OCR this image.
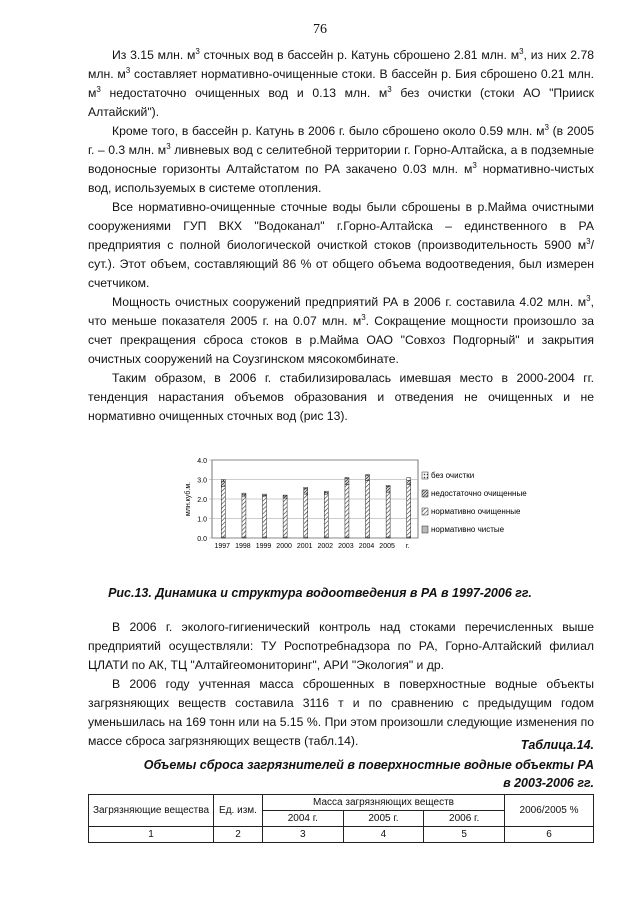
76

Из 3.15 млн. $м^3$ сточных вод в бассейн р. Катунь сброшено 2.81 млн. $м^3$, из них 2.78 млн. $м^3$ составляет нормативно-очищенные стоки. В бассейн р. Бия сброшено 0.21 млн. $м^3$ недостаточно очищенных вод и 0.13 млн. $м^3$ без очистки (стоки АО "Прииск Алтайский").

Кроме того, в бассейн р. Катунь в 2006 г. было сброшено около 0.59 млн. $м^3$ (в 2005 г. – 0.3 млн. $м^3$ ливневых вод с селитебной территории г. Горно-Алтайска, а в подземные водоносные горизонты Алтайстатом по РА закачено 0.03 млн. $м^3$ нормативно-чистых вод, используемых в системе отопления.

Все нормативно-очищенные сточные воды были сброшены в р.Майма очистными сооружениями ГУП ВКХ "Водоканал" г.Горно-Алтайска – единственного в РА предприятия с полной биологической очисткой стоков (производительность 5900 $м^3/сут$.). Этот объем, составляющий 86 % от общего объема водоотведения, был измерен счетчиком.

Мощность очистных сооружений предприятий РА в 2006 г. составила 4.02 млн. $м^3$, что меньше показателя 2005 г. на 0.07 млн. $м^3$. Сокращение мощности произошло за счет прекращения сброса стоков в р.Майма ОАО "Совхоз Подгорный" и закрытия очистных сооружений на Соузгинском мясокомбинате.

Таким образом, в 2006 г. стабилизировалась имевшая место в 2000-2004 гг. тенденция нарастания объемов образования и отведения не очищенных и не нормативно очищенных сточных вод (рис 13).

0.0
1.0
2.0
3.0
4.0
млн.куб.м.
1997 1998 1999 2000 2001 2002 2003 2004 2005 г.
без очистки
недостаточно очищенные
нормативно очищенные
нормативно чистые
Рис.13. Динамика и структура водоотведения в РА в 1997-2006 гг.

В 2006 г. эколого-гигиенический контроль над стоками перечисленных выше предприятий осуществляли: ТУ Роспотребнадзора по РА, Горно-Алтайский филиал ЦЛАТИ по АК, ТЦ "Алтайгеомониторинг", АРИ "Экология" и др.

В 2006 году учтенная масса сброшенных в поверхностные водные объекты загрязняющих веществ составила 3116 т и по сравнению с предыдущим годом уменьшилась на 169 тонн или на 5.15 %. При этом произошли следующие изменения по массе сброса загрязняющих веществ (табл.14).	Таблица.14.
Объемы сброса загрязнителей в поверхностные водные объекты РА
в 2003-2006 гг.
Загрязняющие вещества	Ед. изм.	Масса загрязняющих веществ			2006/2005 %
		2004 г.	2005 г.	2006 г.	
1	2	3	4	5	6
